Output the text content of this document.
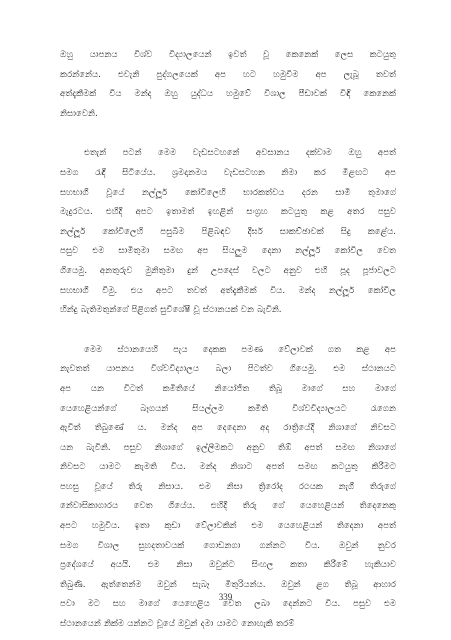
ඔහු යාපනය විශ්ව විද්‍යාලයෙන් ඉවත් වූ කෙනෙක් ලෙස කටයුතු
කරන්නේය. එවැනි පුද්ගලයෙක් අප හට හමුවීම අප ලැබූ තවත්
අත්දැකීමක් විය මන්ද ඔහු යුද්ධය හමුවේ විශාල පීඩාවක් විඳි කෙනෙක්
නිසාවෙනි.
එතැන් පටන් මෙම වැඩසටහනේ අවසානය දක්වාම ඔහු අපත්
සමග රැඳී සිටියේය. ශ්‍රමදානමය වැඩසටහන නිමා කර මීළඟට අප
සහභාගී වූයේ නල්ලූර් කෝවිලෙහි භාරකත්වය දරන සාමි තුමාගේ
මැදුරටය. එහිදී අපට ඉතාමත් ඉහළින් සංග්‍රහ කටයුතු කළ අතර පසුව
නල්ලූර් කෝවිලෙහි පසුබිම පිළිබඳව දීර්ඝ සාකච්ඡාවක් සිදු කළේය.
පසුව එම සාමිතුමා සමඟ අප සියලුම දෙනා නල්ලූර් කෝවිල වෙත
ගියෙමු. අනතුරුව මුනිතුමා දුන් උපදෙස් වලට අනුව එහි පූද පූජාවලට
සහභාගී වීමු. එය අපට තවත් අත්දැකීමක් විය. මන්ද නල්ලූර් කෝවිල
හින්දු බැතිමතුන්ගේ පිළිගත් සුවිශේෂී වූ ස්ථානයක් වන බැවිනි.
මෙම ස්ථානයෙහි පැය දෙකක පමණ වේලාවක් ගත කළ අප
නැවතත් යාපනය විශ්වවිද්‍යාලය බලා පිටත්ව ගියෙමු. එම ස්ථානයට
අප යන විටත් කමිතියේ නියෝජිත තිබූ මාගේ සහ මාගේ
යෙහෙළියන්ගේ බෑගයන් සියල්ලම කමිති විශ්වවිද්‍යාලයට රැගෙන
ඇවිත් තිබුණේ ය. මන්ද අප දෙදෙනා අද රාත්‍රියේදී නිශාගේ නිවසට
යන බැවිනි. පසුව නිශාගේ ඉල්ලීමකට අනුව තිඹ් අපත් සමඟ නිශාගේ
නිවසට යාමට කැමති විය. මන්ද නිශාට අපත් සමඟ කටයුතු කිරීමට
පහසු වූයේ තිරු නිසාය. එම නිසා ත්‍රිරෝද රථයක නැගී තිරුගේ
නේවාසිකාගාරය වෙත ගියේය. එහිදී තිරු ගේ යෙහෙළියන් තිදෙනෙකු
අපට හමුවිය. ඉතා කුඩා වේලාවකින් එම යෙහෙළියන් තිදෙනා අපත්
සමග විශාල සුහදතාවයක් ගොඩනගා ගන්නට විය. ඔවුන් නුවර
ප්‍රදේශයේ අයයි. එම නිසා ඔවුන්ට සිංහල කතා කිරීමේ හැකියාව
තිබුණි. ඇත්තෙන්ම ඔවුන් සැබෑ මිතුරියන්ය. ඔවුන් ළග තිබූ ආහාර
පවා මට සහ මාගේ යෙහෙළිය වෙත ලබා දෙන්නට විය. පසුව එම
ස්ථානයෙන් නික්ම යන්නට වූයේ ඔවුන් දමා යාමට නොහැකි තරම්
339
